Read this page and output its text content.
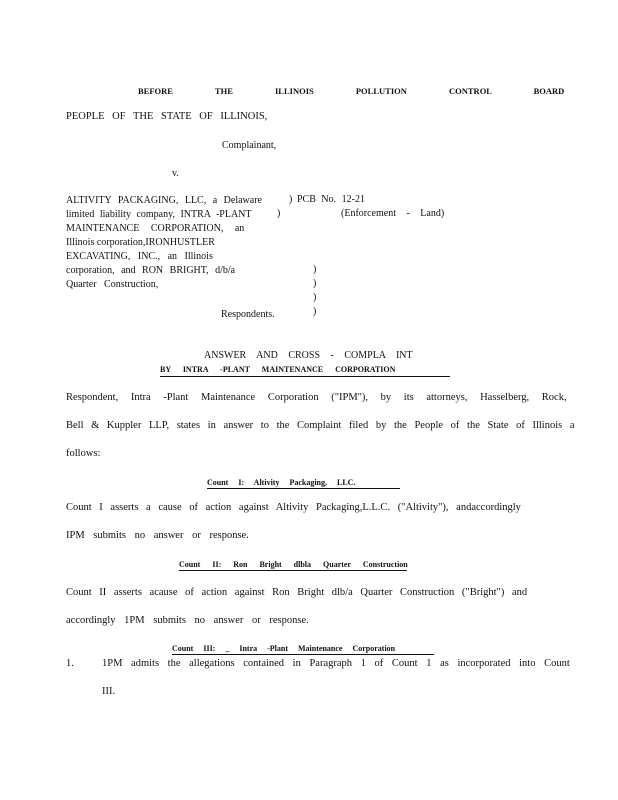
BEFORE THE ILLINOIS POLLUTION CONTROL BOARD
PEOPLE OF THE STATE OF ILLINOIS,
Complainant,
v.
ALTIVITY PACKAGING, LLC, a Delaware
limited liability company, INTRA -PLANT
MAINTENANCE CORPORATION, an
Illinois corporation,IRONHUSTLER
EXCAVATING, INC., an Illinois
corporation, and RON BRIGHT, d/b/a
Quarter Construction,
)
)
)
)
)
)
PCB No. 12-21
(Enforcement - Land)
Respondents.
ANSWER AND CROSS - COMPLA INT
BY INTRA -PLANT MAINTENANCE CORPORATION
Respondent, Intra -Plant Maintenance Corporation ("IPM"), by its attorneys, Hasselberg, Rock,
Bell & Kuppler LLP, states in answer to the Complaint filed by the People of the State of Illinois a
follows:
Count I: Altivity Packaging, LLC.
Count I asserts a cause of action against Altivity Packaging,L.L.C. ("Altivity"), andaccordingly
IPM submits no answer or response.
Count II: Ron Bright dlbla Quarter Construction
Count II asserts acause of action against Ron Bright dlb/a Quarter Construction ("Bright") and
accordingly 1PM submits no answer or response.
Count III: _ Intra -Plant Maintenance Corporation
1.	1PM admits the allegations contained in Paragraph 1 of Count 1 as incorporated into Count
III.
